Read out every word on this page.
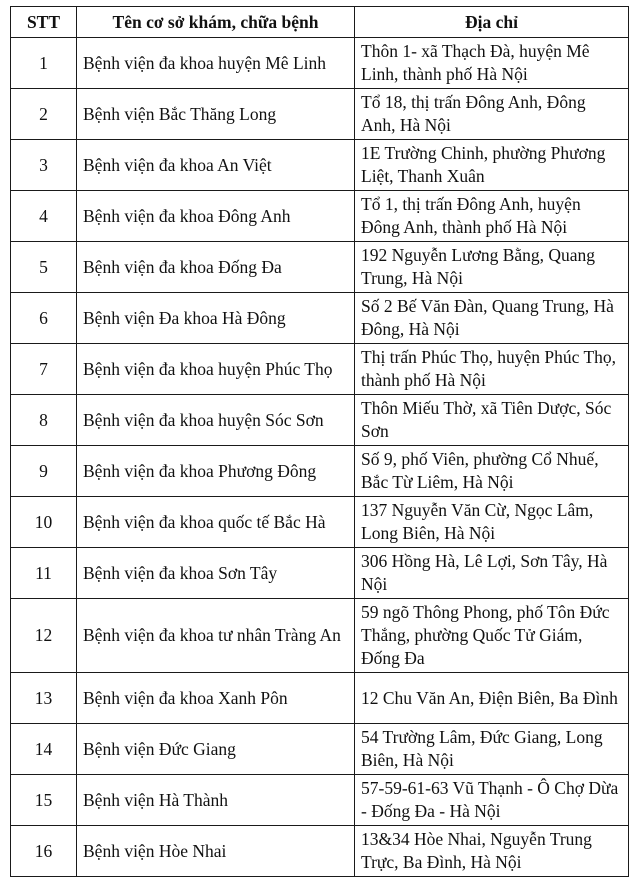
STT	Tên cơ sở khám, chữa bệnh	Địa chỉ
1	Bệnh viện đa khoa huyện Mê Linh	Thôn 1- xã Thạch Đà, huyện Mê Linh, thành phố Hà Nội
2	Bệnh viện Bắc Thăng Long	Tổ 18, thị trấn Đông Anh, Đông Anh, Hà Nội
3	Bệnh viện đa khoa An Việt	1E Trường Chinh, phường Phương Liệt, Thanh Xuân
4	Bệnh viện đa khoa Đông Anh	Tổ 1, thị trấn Đông Anh, huyện Đông Anh, thành phố Hà Nội
5	Bệnh viện đa khoa Đống Đa	192 Nguyễn Lương Bằng, Quang Trung, Hà Nội
6	Bệnh viện Đa khoa Hà Đông	Số 2 Bế Văn Đàn, Quang Trung, Hà Đông, Hà Nội
7	Bệnh viện đa khoa huyện Phúc Thọ	Thị trấn Phúc Thọ, huyện Phúc Thọ, thành phố Hà Nội
8	Bệnh viện đa khoa huyện Sóc Sơn	Thôn Miếu Thờ, xã Tiên Dược, Sóc Sơn
9	Bệnh viện đa khoa Phương Đông	Số 9, phố Viên, phường Cổ Nhuế, Bắc Từ Liêm, Hà Nội
10	Bệnh viện đa khoa quốc tế Bắc Hà	137 Nguyễn Văn Cừ, Ngọc Lâm, Long Biên, Hà Nội
11	Bệnh viện đa khoa Sơn Tây	306 Hồng Hà, Lê Lợi, Sơn Tây, Hà Nội
12	Bệnh viện đa khoa tư nhân Tràng An	59 ngõ Thông Phong, phố Tôn Đức Thắng, phường Quốc Tử Giám, Đống Đa
13	Bệnh viện đa khoa Xanh Pôn	12 Chu Văn An, Điện Biên, Ba Đình
14	Bệnh viện Đức Giang	54 Trường Lâm, Đức Giang, Long Biên, Hà Nội
15	Bệnh viện Hà Thành	57-59-61-63 Vũ Thạnh - Ô Chợ Dừa - Đống Đa - Hà Nội
16	Bệnh viện Hòe Nhai	13&34 Hòe Nhai, Nguyễn Trung Trực, Ba Đình, Hà Nội
